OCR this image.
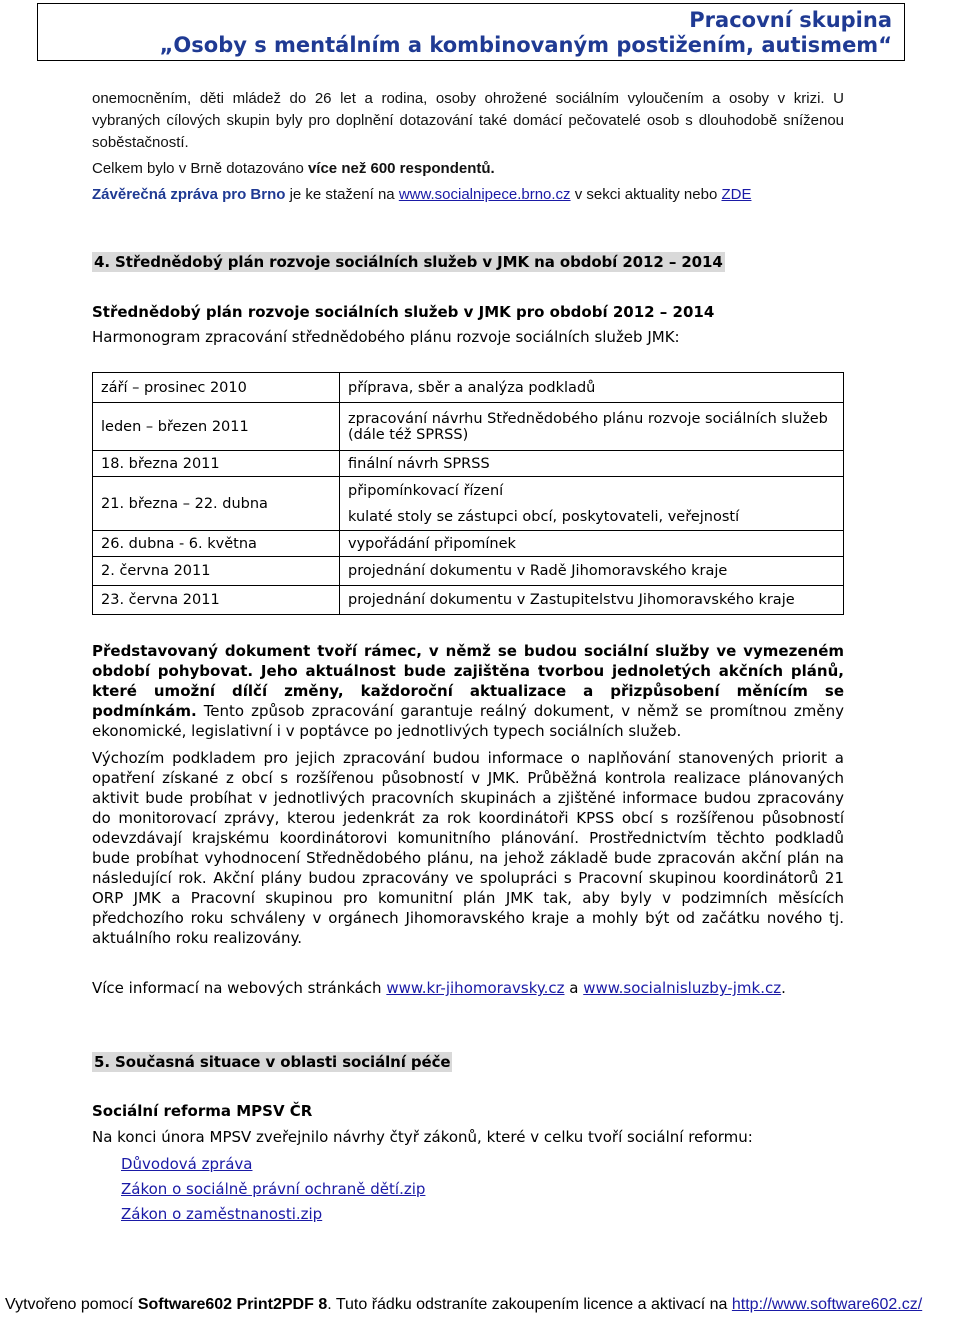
Pracovní skupina
„Osoby s mentálním a kombinovaným postižením, autismem“

onemocněním, děti mládež do 26 let a rodina, osoby ohrožené sociálním vyloučením a osoby v krizi. U vybraných cílových skupin byly pro doplnění dotazování také domácí pečovatelé osob s dlouhodobě sníženou soběstačností.

Celkem bylo v Brně dotazováno více než 600 respondentů.

Závěrečná zpráva pro Brno je ke stažení na www.socialnipece.brno.cz v sekci aktuality nebo ZDE

4. Střednědobý plán rozvoje sociálních služeb v JMK na období 2012 – 2014
Střednědobý plán rozvoje sociálních služeb v JMK pro období 2012 – 2014
Harmonogram zpracování střednědobého plánu rozvoje sociálních služeb JMK:
září – prosinec 2010	příprava, sběr a analýza podkladů
leden – březen 2011	zpracování návrhu Střednědobého plánu rozvoje sociálních služeb (dále též SPRSS)
18. března 2011	finální návrh SPRSS
21. března – 22. dubna	připomínkovací řízení
kulaté stoly se zástupci obcí, poskytovateli, veřejností

26. dubna - 6. května	vypořádání připomínek
2. června 2011	projednání dokumentu v Radě Jihomoravského kraje
23. června 2011	projednání dokumentu v Zastupitelstvu Jihomoravského kraje

Představovaný dokument tvoří rámec, v němž se budou sociální služby ve vymezeném období pohybovat. Jeho aktuálnost bude zajištěna tvorbou jednoletých akčních plánů, které umožní dílčí změny, každoroční aktualizace a přizpůsobení měnícím se podmínkám. Tento způsob zpracování garantuje reálný dokument, v němž se promítnou změny ekonomické, legislativní i v poptávce po jednotlivých typech sociálních služeb.

Výchozím podkladem pro jejich zpracování budou informace o naplňování stanovených priorit a opatření získané z obcí s rozšířenou působností v JMK. Průběžná kontrola realizace plánovaných aktivit bude probíhat v jednotlivých pracovních skupinách a zjištěné informace budou zpracovány do monitorovací zprávy, kterou jedenkrát za rok koordinátoři KPSS obcí s rozšířenou působností odevzdávají krajskému koordinátorovi komunitního plánování. Prostřednictvím těchto podkladů bude probíhat vyhodnocení Střednědobého plánu, na jehož základě bude zpracován akční plán na následující rok. Akční plány budou zpracovány ve spolupráci s Pracovní skupinou koordinátorů 21 ORP JMK a Pracovní skupinou pro komunitní plán JMK tak, aby byly v podzimních měsících předchozího roku schváleny v orgánech Jihomoravského kraje a mohly být od začátku nového tj. aktuálního roku realizovány.

Více informací na webových stránkách www.kr-jihomoravsky.cz a www.socialnisluzby-jmk.cz.

5. Současná situace v oblasti sociální péče
Sociální reforma MPSV ČR
Na konci února MPSV zveřejnilo návrhy čtyř zákonů, které v celku tvoří sociální reformu:
Důvodová zpráva
Zákon o sociálně právní ochraně dětí.zip
Zákon o zaměstnanosti.zip
Vytvořeno pomocí Software602 Print2PDF 8. Tuto řádku odstraníte zakoupením licence a aktivací na http://www.software602.cz/
